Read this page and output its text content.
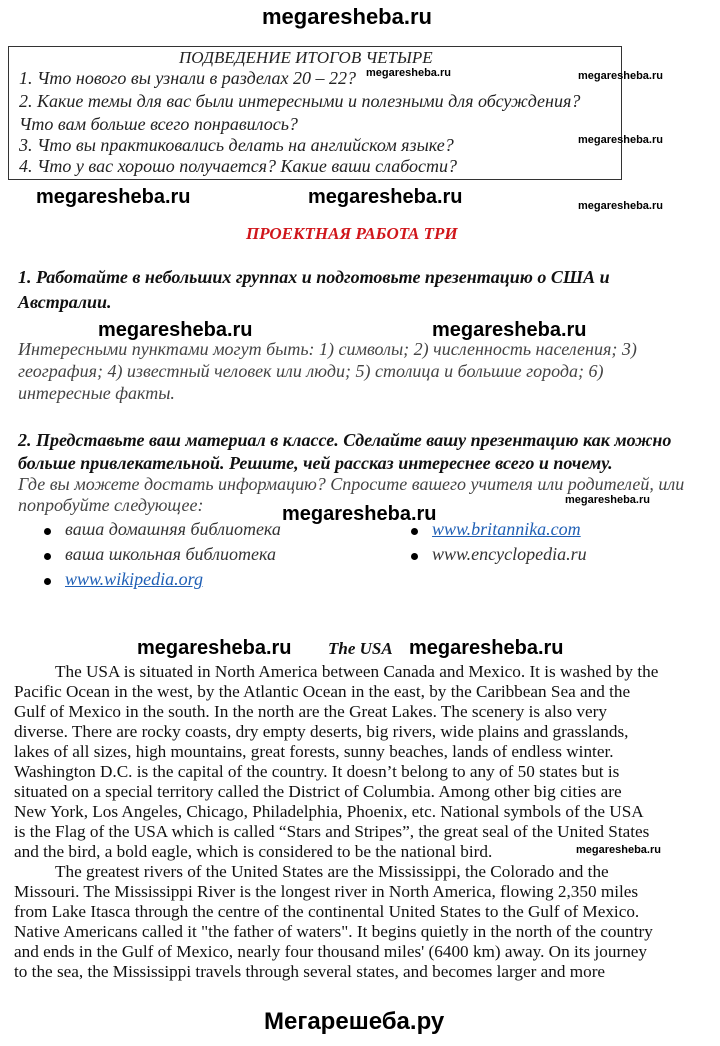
megaresheba.ru
ПОДВЕДЕНИЕ ИТОГОВ ЧЕТЫРЕ
1. Что нового вы узнали в разделах 20 – 22?
2. Какие темы для вас были интересными и полезными для обсуждения?
Что вам больше всего понравилось?
3. Что вы практиковались делать на английском языке?
4. Что у вас хорошо получается? Какие ваши слабости?
megaresheba.ru	megaresheba.ru
megaresheba.ru
megaresheba.ru
megaresheba.ru	megaresheba.ru
ПРОЕКТНАЯ РАБОТА ТРИ
1. Работайте в небольших группах и подготовьте презентацию о США и
Австралии.
megaresheba.ru	megaresheba.ru
Интересными пунктами могут быть: 1) символы; 2) численность населения; 3)
география; 4) известный человек или люди; 5) столица и большие города; 6)
интересные факты.
2. Представьте ваш материал в классе. Сделайте вашу презентацию как можно
больше привлекательной. Решите, чей рассказ интереснее всего и почему.
Где вы можете достать информацию? Спросите вашего учителя или родителей, или
попробуйте следующее:	megaresheba.ru
megaresheba.ru
ваша домашняя библиотека
ваша школьная библиотека
www.wikipedia.org
www.britannika.com
www.encyclopedia.ru
megaresheba.ru The USA megaresheba.ru
The USA is situated in North America between Canada and Mexico. It is washed by the
Pacific Ocean in the west, by the Atlantic Ocean in the east, by the Caribbean Sea and the
Gulf of Mexico in the south. In the north are the Great Lakes. The scenery is also very
diverse. There are rocky coasts, dry empty deserts, big rivers, wide plains and grasslands,
lakes of all sizes, high mountains, great forests, sunny beaches, lands of endless winter.
Washington D.C. is the capital of the country. It doesn’t belong to any of 50 states but is
situated on a special territory called the District of Columbia. Among other big cities are
New York, Los Angeles, Chicago, Philadelphia, Phoenix, etc. National symbols of the USA
is the Flag of the USA which is called “Stars and Stripes”, the great seal of the United States
and the bird, a bold eagle, which is considered to be the national bird.	megaresheba.ru
The greatest rivers of the United States are the Mississippi, the Colorado and the
Missouri. The Mississippi River is the longest river in North America, flowing 2,350 miles
from Lake Itasca through the centre of the continental United States to the Gulf of Mexico.
Native Americans called it "the father of waters". It begins quietly in the north of the country
and ends in the Gulf of Mexico, nearly four thousand miles' (6400 km) away. On its journey
to the sea, the Mississippi travels through several states, and becomes larger and more
Мегарешеба.ру
